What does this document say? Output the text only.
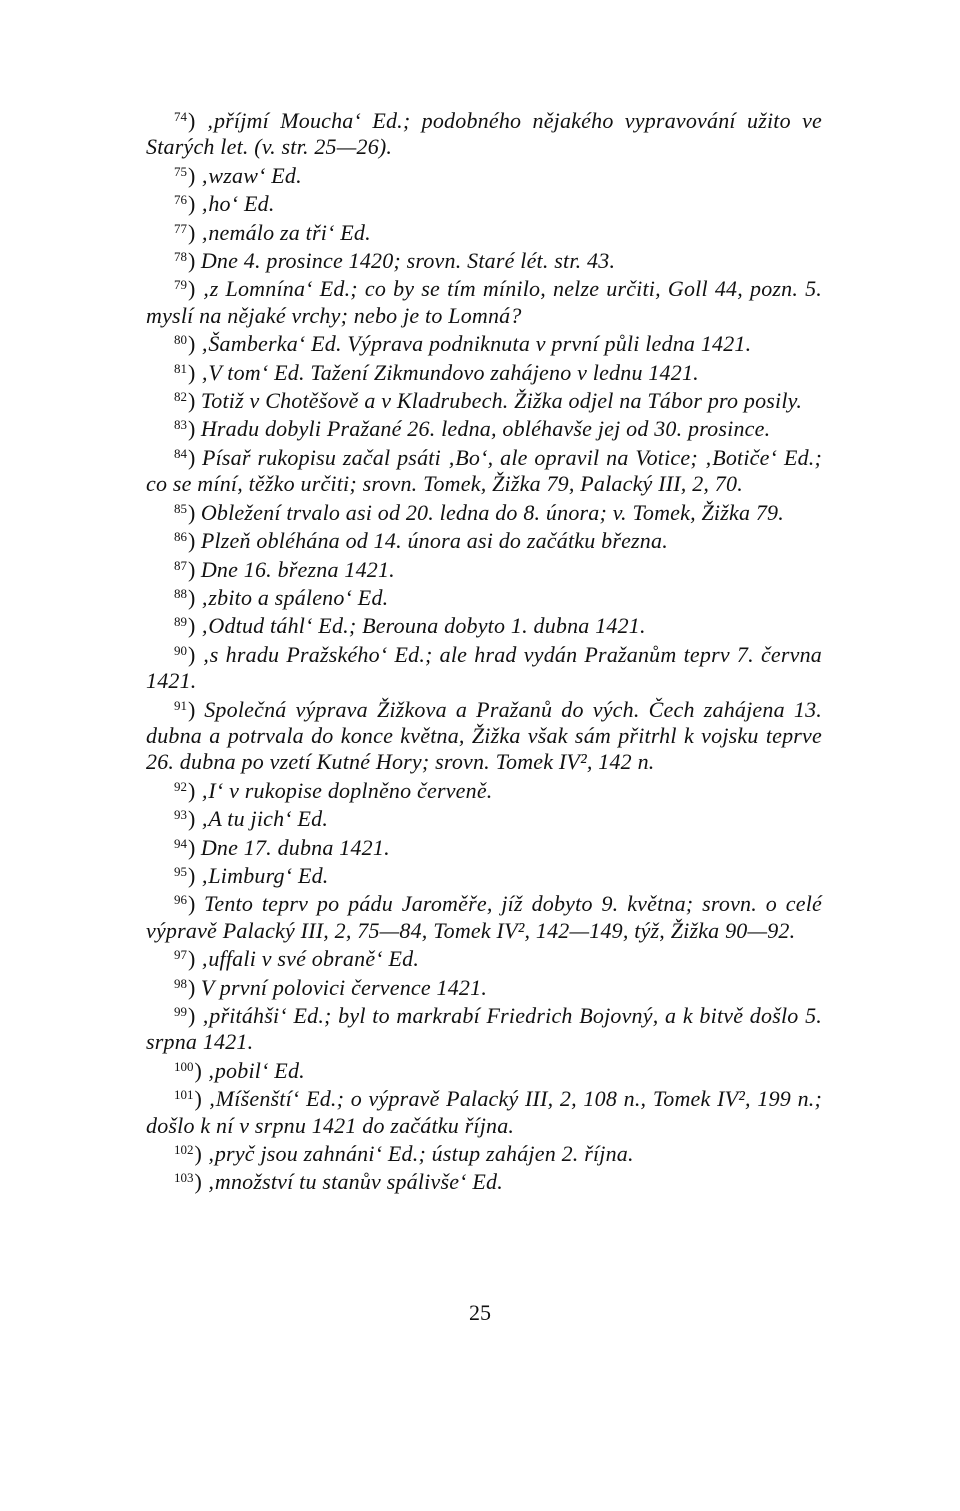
$^{74}$) ‚příjmí Moucha‘ Ed.; podobného nějakého vypravování užito ve Starých let. (v. str. 25—26).

$^{75}$) ‚wzaw‘ Ed.

$^{76}$) ‚ho‘ Ed.

$^{77}$) ‚nemálo za tři‘ Ed.

$^{78}$) Dne 4. prosince 1420; srovn. Staré lét. str. 43.

$^{79}$) ‚z Lomnína‘ Ed.; co by se tím mínilo, nelze určiti, Goll 44, pozn. 5. myslí na nějaké vrchy; nebo je to Lomná?

$^{80}$) ‚Šamberka‘ Ed. Výprava podniknuta v první půli ledna 1421.

$^{81}$) ‚V tom‘ Ed. Tažení Zikmundovo zahájeno v lednu 1421.

$^{82}$) Totiž v Chotěšově a v Kladrubech. Žižka odjel na Tábor pro posily.

$^{83}$) Hradu dobyli Pražané 26. ledna, obléhavše jej od 30. prosince.

$^{84}$) Písař rukopisu začal psáti ‚Bo‘, ale opravil na Votice; ‚Botiče‘ Ed.; co se míní, těžko určiti; srovn. Tomek, Žižka 79, Palacký III, 2, 70.

$^{85}$) Obležení trvalo asi od 20. ledna do 8. února; v. Tomek, Žižka 79.

$^{86}$) Plzeň obléhána od 14. února asi do začátku března.

$^{87}$) Dne 16. března 1421.

$^{88}$) ‚zbito a spáleno‘ Ed.

$^{89}$) ‚Odtud táhl‘ Ed.; Berouna dobyto 1. dubna 1421.

$^{90}$) ‚s hradu Pražského‘ Ed.; ale hrad vydán Pražanům teprv 7. června 1421.

$^{91}$) Společná výprava Žižkova a Pražanů do vých. Čech zahájena 13. dubna a potrvala do konce května, Žižka však sám přitrhl k vojsku teprve 26. dubna po vzetí Kutné Hory; srovn. Tomek IV², 142 n.

$^{92}$) ‚I‘ v rukopise doplněno červeně.

$^{93}$) ‚A tu jich‘ Ed.

$^{94}$) Dne 17. dubna 1421.

$^{95}$) ‚Limburg‘ Ed.

$^{96}$) Tento teprv po pádu Jaroměře, jíž dobyto 9. května; srovn. o celé výpravě Palacký III, 2, 75—84, Tomek IV², 142—149, týž, Žižka 90—92.

$^{97}$) ‚uffali v své obraně‘ Ed.

$^{98}$) V první polovici července 1421.

$^{99}$) ‚přitáhši‘ Ed.; byl to markrabí Friedrich Bojovný, a k bitvě došlo 5. srpna 1421.

$^{100}$) ‚pobil‘ Ed.

$^{101}$) ‚Míšenští‘ Ed.; o výpravě Palacký III, 2, 108 n., Tomek IV², 199 n.; došlo k ní v srpnu 1421 do začátku října.

$^{102}$) ‚pryč jsou zahnáni‘ Ed.; ústup zahájen 2. října.

$^{103}$) ‚množství tu stanův spálivše‘ Ed.

25
